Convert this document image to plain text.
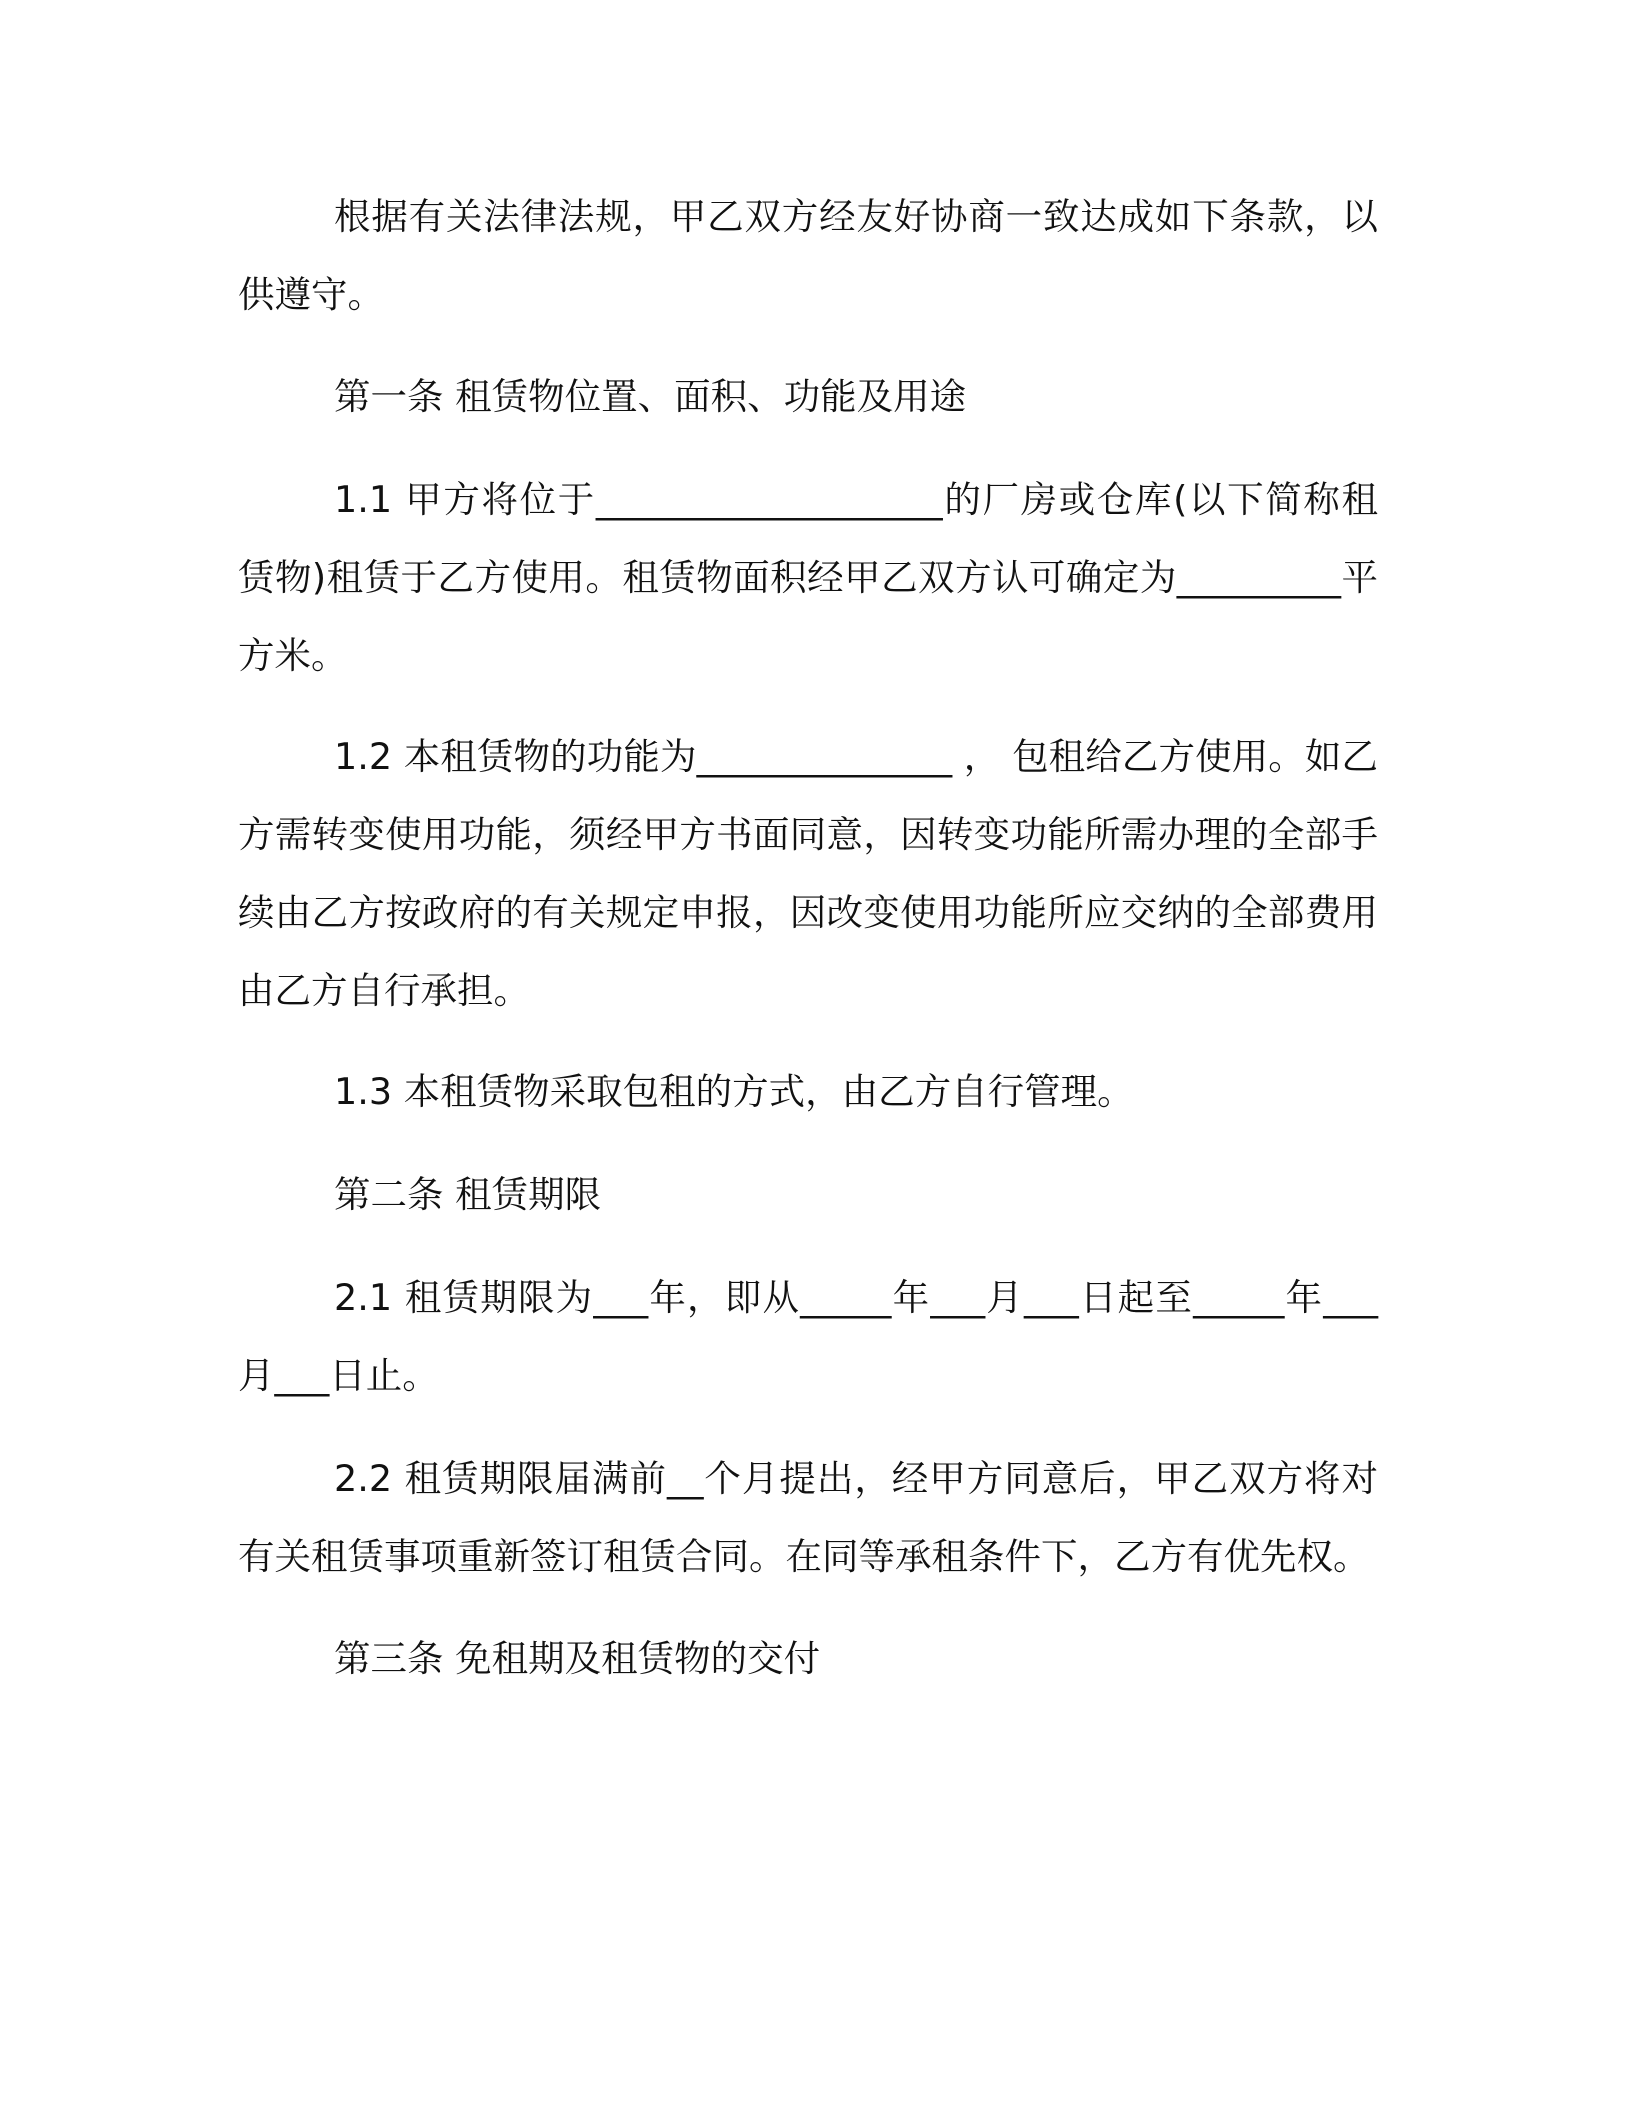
根据有关法律法规，甲乙双方经友好协商一致达成如下条款，以供遵守。

第一条 租赁物位置、面积、功能及用途

1.1 甲方将位于___________________的厂房或仓库(以下简称租赁物)租赁于乙方使用。租赁物面积经甲乙双方认可确定为_________平方米。

1.2 本租赁物的功能为______________ ， 包租给乙方使用。如乙方需转变使用功能，须经甲方书面同意，因转变功能所需办理的全部手续由乙方按政府的有关规定申报，因改变使用功能所应交纳的全部费用由乙方自行承担。

1.3 本租赁物采取包租的方式，由乙方自行管理。

第二条 租赁期限

2.1 租赁期限为___年，即从_____年___月___日起至_____年___月___日止。

2.2 租赁期限届满前__个月提出，经甲方同意后，甲乙双方将对有关租赁事项重新签订租赁合同。在同等承租条件下，乙方有优先权。

第三条 免租期及租赁物的交付
